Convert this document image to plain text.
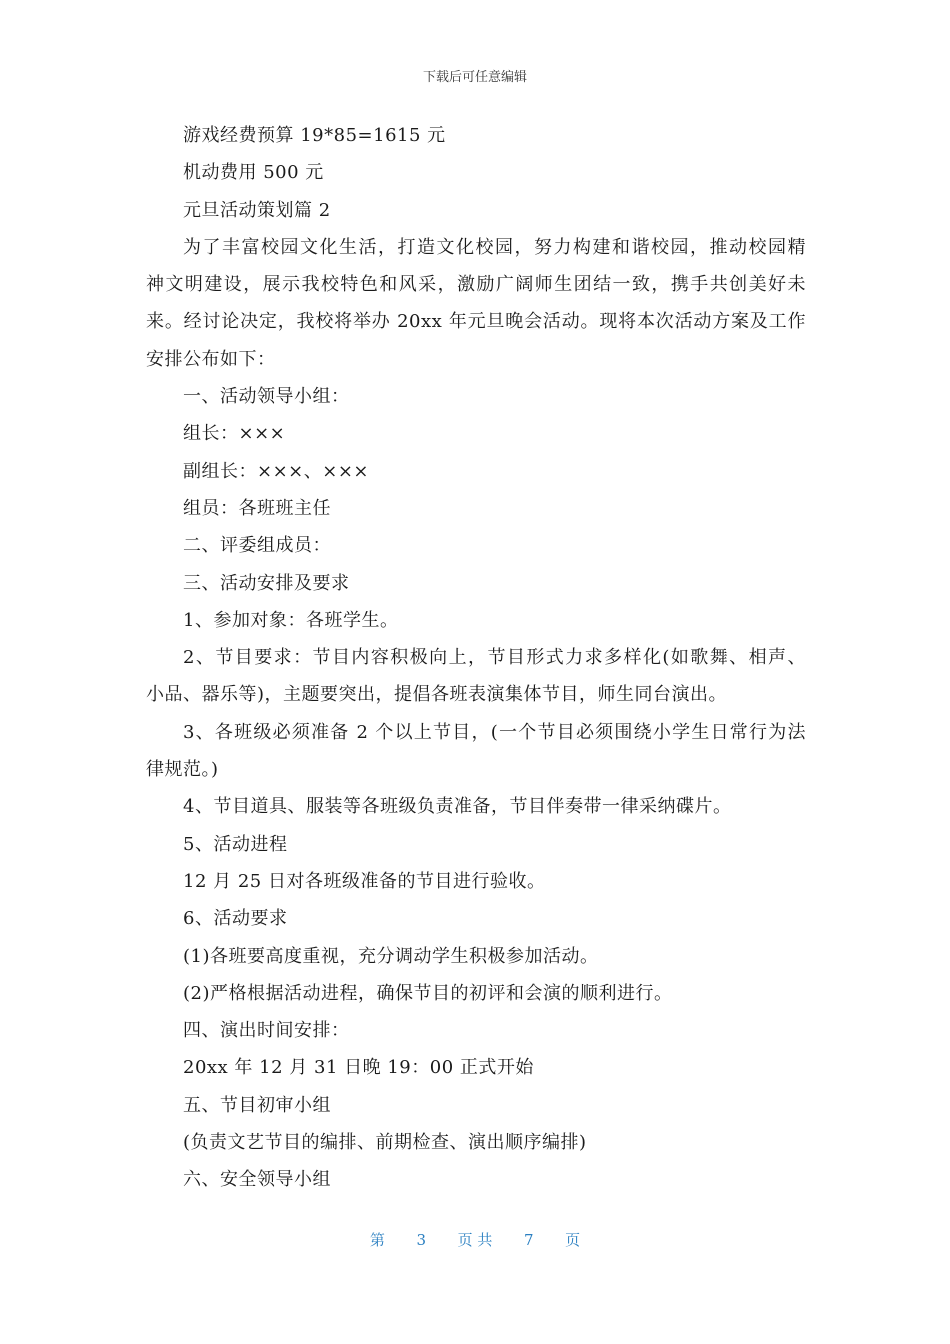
下载后可任意编辑
游戏经费预算 19*85=1615 元
机动费用 500 元
元旦活动策划篇 2
为了丰富校园文化生活，打造文化校园，努力构建和谐校园，推动校园精
神文明建设，展示我校特色和风采，激励广阔师生团结一致，携手共创美好未
来。经讨论决定，我校将举办 20xx 年元旦晚会活动。现将本次活动方案及工作
安排公布如下：
一、活动领导小组：
组长：×××
副组长：×××、×××
组员：各班班主任
二、评委组成员：
三、活动安排及要求
1、参加对象：各班学生。
2、节目要求：节目内容积极向上，节目形式力求多样化(如歌舞、相声、
小品、器乐等)，主题要突出，提倡各班表演集体节目，师生同台演出。
3、各班级必须准备 2 个以上节目，(一个节目必须围绕小学生日常行为法
律规范。)
4、节目道具、服装等各班级负责准备，节目伴奏带一律采纳碟片。
5、活动进程
12 月 25 日对各班级准备的节目进行验收。
6、活动要求
(1)各班要高度重视，充分调动学生积极参加活动。
(2)严格根据活动进程，确保节目的初评和会演的顺利进行。
四、演出时间安排：
20xx 年 12 月 31 日晚 19：00 正式开始
五、节目初审小组
(负责文艺节目的编排、前期检查、演出顺序编排)
六、安全领导小组
第 3 页 共 7 页
